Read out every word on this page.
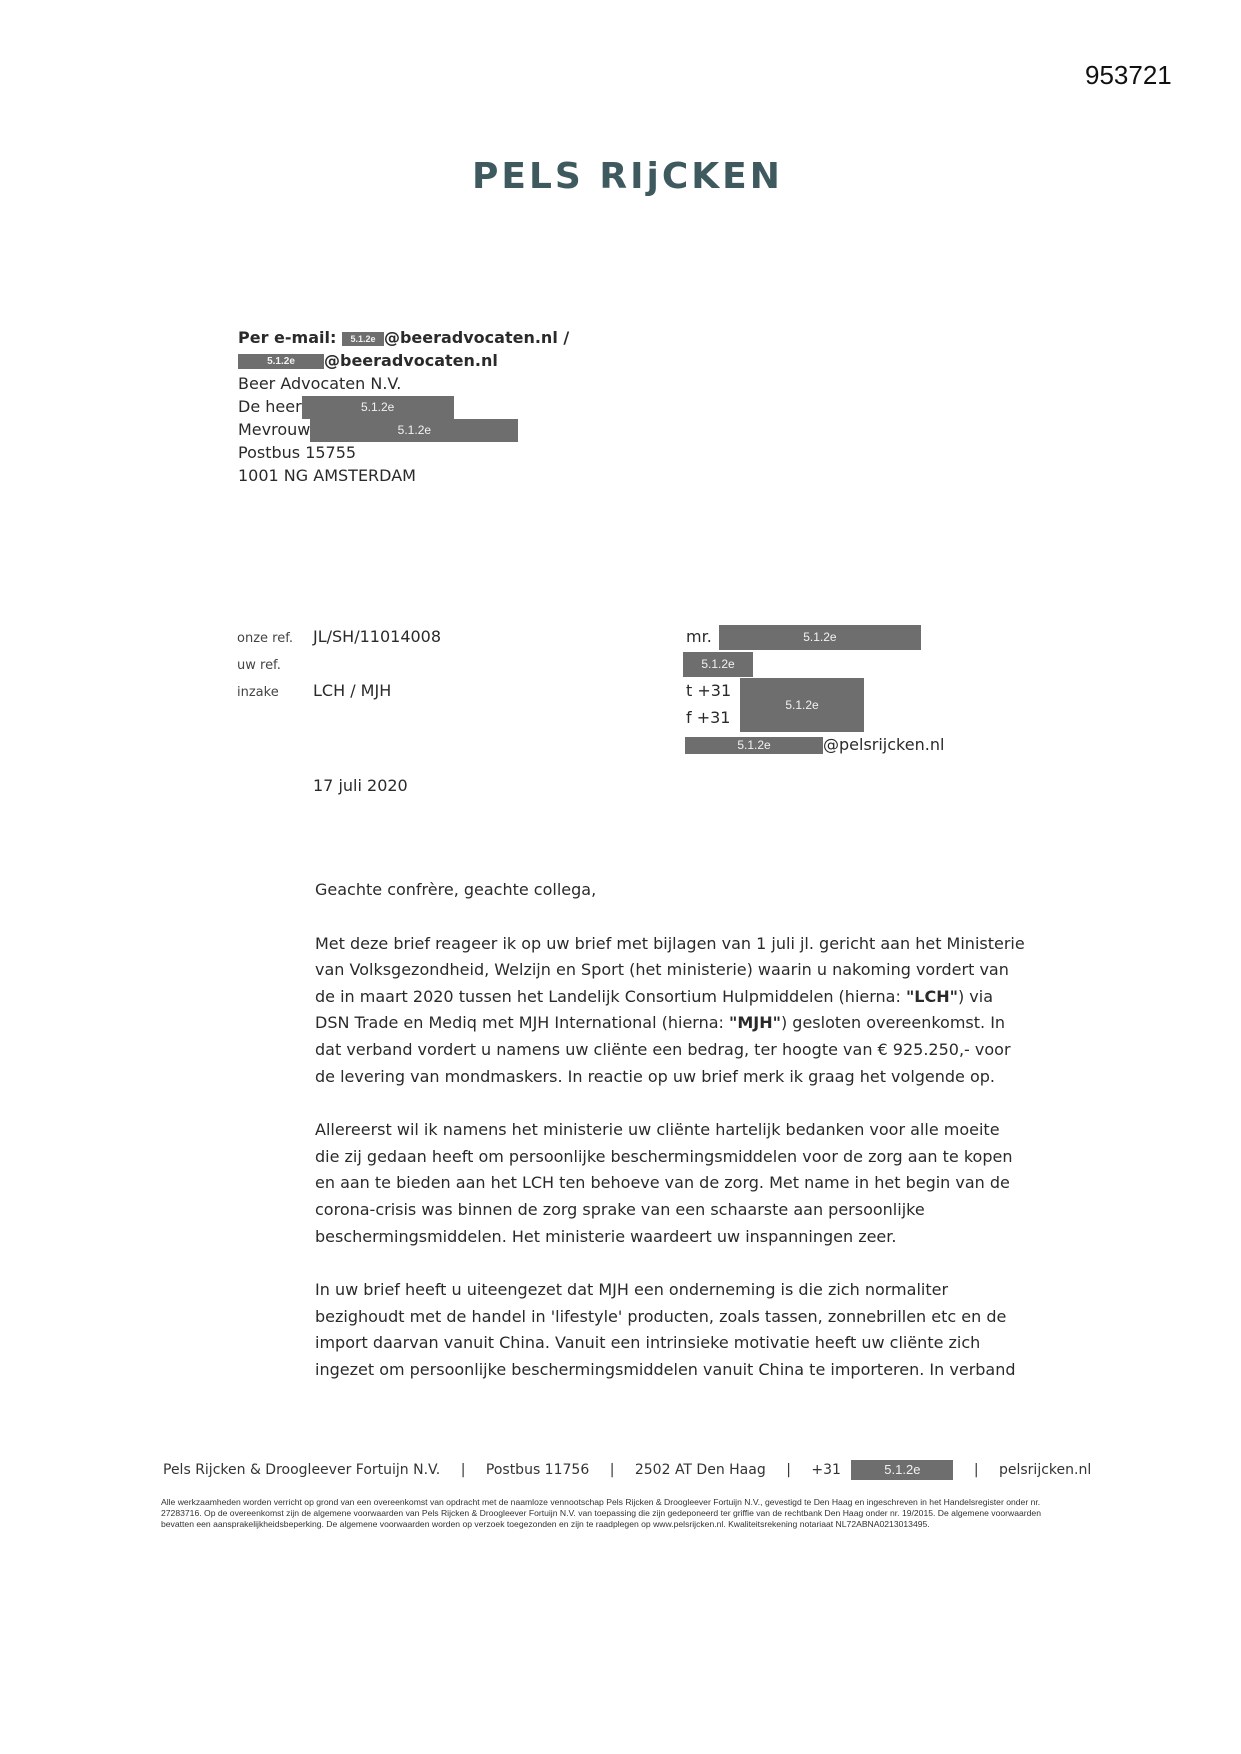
953721
PELS RIjCKEN
Per e-mail: 5.1.2e @beeradvocaten.nl /
5.1.2e @beeradvocaten.nl
Beer Advocaten N.V.
De heer	5.1.2e
Mevrouw	5.1.2e
Postbus 15755
1001 NG AMSTERDAM
onze ref. JL/SH/11014008
uw ref.
inzake LCH / MJH
mr.	5.1.2e
5.1.2e
t +31
5.1.2e
f +31
5.1.2e	@pelsrijcken.nl
17 juli 2020

Geachte confrère, geachte collega,

Met deze brief reageer ik op uw brief met bijlagen van 1 juli jl. gericht aan het Ministerie van Volksgezondheid, Welzijn en Sport (het ministerie) waarin u nakoming vordert van de in maart 2020 tussen het Landelijk Consortium Hulpmiddelen (hierna: "LCH") via DSN Trade en Mediq met MJH International (hierna: "MJH") gesloten overeenkomst. In dat verband vordert u namens uw cliënte een bedrag, ter hoogte van € 925.250,- voor de levering van mondmaskers. In reactie op uw brief merk ik graag het volgende op.

Allereerst wil ik namens het ministerie uw cliënte hartelijk bedanken voor alle moeite die zij gedaan heeft om persoonlijke beschermingsmiddelen voor de zorg aan te kopen en aan te bieden aan het LCH ten behoeve van de zorg. Met name in het begin van de corona-crisis was binnen de zorg sprake van een schaarste aan persoonlijke beschermingsmiddelen. Het ministerie waardeert uw inspanningen zeer.

In uw brief heeft u uiteengezet dat MJH een onderneming is die zich normaliter bezighoudt met de handel in 'lifestyle' producten, zoals tassen, zonnebrillen etc en de import daarvan vanuit China. Vanuit een intrinsieke motivatie heeft uw cliënte zich ingezet om persoonlijke beschermingsmiddelen vanuit China te importeren. In verband

Pels Rijcken & Droogleever Fortuijn N.V. | Postbus 11756 | 2502 AT Den Haag | +31	5.1.2e	| pelsrijcken.nl
Alle werkzaamheden worden verricht op grond van een overeenkomst van opdracht met de naamloze vennootschap Pels Rijcken & Droogleever Fortuijn N.V., gevestigd te Den Haag en ingeschreven in het Handelsregister onder nr. 27283716. Op de overeenkomst zijn de algemene voorwaarden van Pels Rijcken & Droogleever Fortuijn N.V. van toepassing die zijn gedeponeerd ter griffie van de rechtbank Den Haag onder nr. 19/2015. De algemene voorwaarden bevatten een aansprakelijkheidsbeperking. De algemene voorwaarden worden op verzoek toegezonden en zijn te raadplegen op www.pelsrijcken.nl. Kwaliteitsrekening notariaat NL72ABNA0213013495.
